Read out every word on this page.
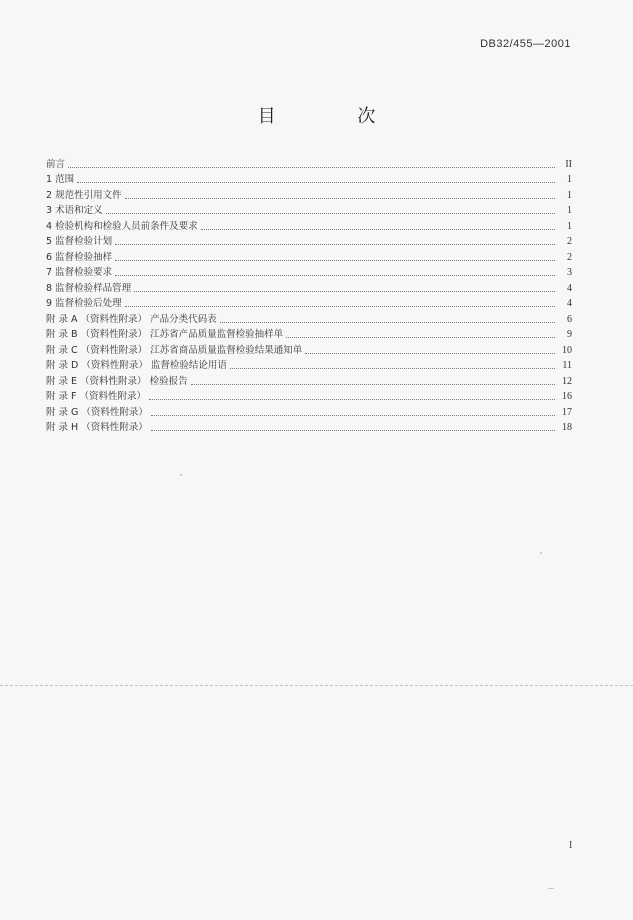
DB32/455—2001
目 次
前言	II
1 范围	1
2 规范性引用文件	1
3 术语和定义	1
4 检验机构和检验人员前条件及要求	1
5 监督检验计划	2
6 监督检验抽样	2
7 监督检验要求	3
8 监督检验样品管理	4
9 监督检验后处理	4
附 录 A （资料性附录） 产品分类代码表	6
附 录 B （资料性附录） 江苏省产品质量监督检验抽样单	9
附 录 C （资料性附录） 江苏省商品质量监督检验结果通知单	10
附 录 D （资料性附录） 监督检验结论用语	11
附 录 E （资料性附录） 检验报告	12
附 录 F （资料性附录）	16
附 录 G （资料性附录）	17
附 录 H （资料性附录）	18
I
